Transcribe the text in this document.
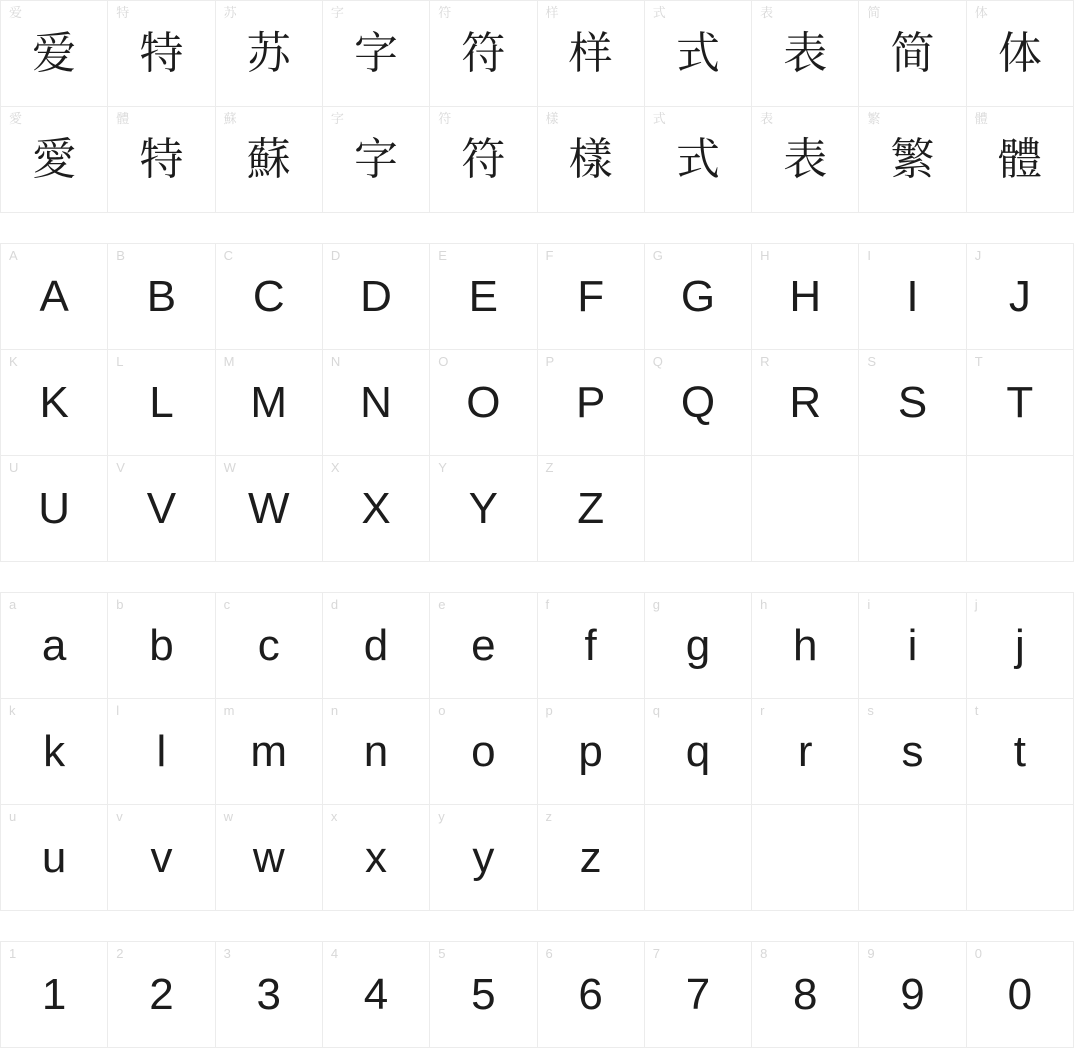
爱
爱
特
特
苏
苏
字
字
符
符
样
样
式
式
表
表
简
简
体
体
愛
愛
體
特
蘇
蘇
字
字
符
符
樣
樣
式
式
表
表
繁
繁
體
體
A
A
B
B
C
C
D
D
E
E
F
F
G
G
H
H
I
I
J
J
K
K
L
L
M
M
N
N
O
O
P
P
Q
Q
R
R
S
S
T
T
U
U
V
V
W
W
X
X
Y
Y
Z
Z
a
a
b
b
c
c
d
d
e
e
f
f
g
g
h
h
i
i
j
j
k
k
l
l
m
m
n
n
o
o
p
p
q
q
r
r
s
s
t
t
u
u
v
v
w
w
x
x
y
y
z
z
1
1
2
2
3
3
4
4
5
5
6
6
7
7
8
8
9
9
0
0
